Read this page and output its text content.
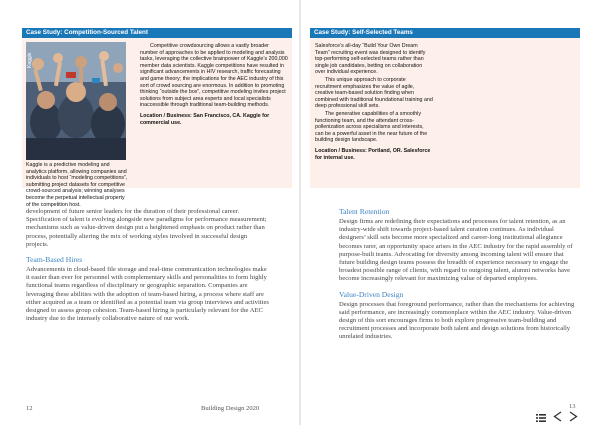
Case Study: Competition-Sourced Talent
Kaggle
Kaggle is a predictive modeling and analytics platform, allowing companies and individuals to host “modeling competitions”, submitting project datasets for competitive crowd-sourced analysis; winning analyses become the perpetual intellectual property of the competition host.

Competitive crowdsourcing allows a vastly broader number of approaches to be applied to modeling and analysis tasks, leveraging the collective brainpower of Kaggle’s 200,000 member data scientists. Kaggle competitions have resulted in significant advancements in HIV research, traffic forecasting and game theory; the implications for the AEC industry of this sort of crowd sourcing are enormous. In addition to promoting thinking “outside the box”, competitive modeling invites project solutions from subject area experts and local specialists inaccessible through traditional team-building methods.

Location / Business: San Francisco, CA. Kaggle for commercial use.

development of future senior leaders for the duration of their professional career. Specification of talent is evolving alongside new paradigms for performance measurement; mechanisms such as value-driven design put a heightened emphasis on product rather than process, potentially altering the mix of working styles involved in successful design projects.

Team-Based Hires

Advancements in cloud-based file storage and real-time communication technologies make it easier than ever for personnel with complementary skills and personalities to form highly functional teams regardless of disciplinary or geographic separation. Companies are leveraging these abilities with the adoption of team-based hiring, a process where staff are either acquired as a team or identified as a potential team via group interviews and activities designed to assess group cohesion. Team-based hiring is particularly relevant for the AEC industry due to the intensely collaborative nature of our work.

12	Building Design 2020
Case Study: Self-Selected Teams

Salesforce’s all-day “Build Your Own Dream Team” recruiting event was designed to identify top-performing self-selected teams rather than single job candidates, betting on collaboration over individual experience.

This unique approach to corporate recruitment emphasizes the value of agile, creative team-based solution finding when combined with traditional foundational training and deep professional skill sets.

The generative capabilities of a smoothly functioning team, and the attendant cross-pollenization across specialisms and interests, can be a powerful asset in the near future of the building design landscape.

Location / Business: Portland, OR. Salesforce for internal use.

Talent Retention

Design firms are redefining their expectations and processes for talent retention, as an industry-wide shift towards project-based talent curation continues. As individual designers’ skill sets become more specialized and career-long institutional allegiance becomes rarer, an opportunity space arises in the AEC industry for the rapid assembly of purpose-built teams. Advocating for diversity among incoming talent will ensure that future building design teams possess the breadth of experience necessary to engage the broadest possible range of clients, with regard to outgoing talent, alumni networks have become increasingly relevant for maximizing value of departed employees.

Value-Driven Design

Design processes that foreground performance, rather than the mechanisms for achieving said performance, are increasingly commonplace within the AEC industry. Value-driven design of this sort encourages firms to both explore progressive team-building and recruitment processes and incorporate both talent and design solutions from historically unrelated industries.

13
